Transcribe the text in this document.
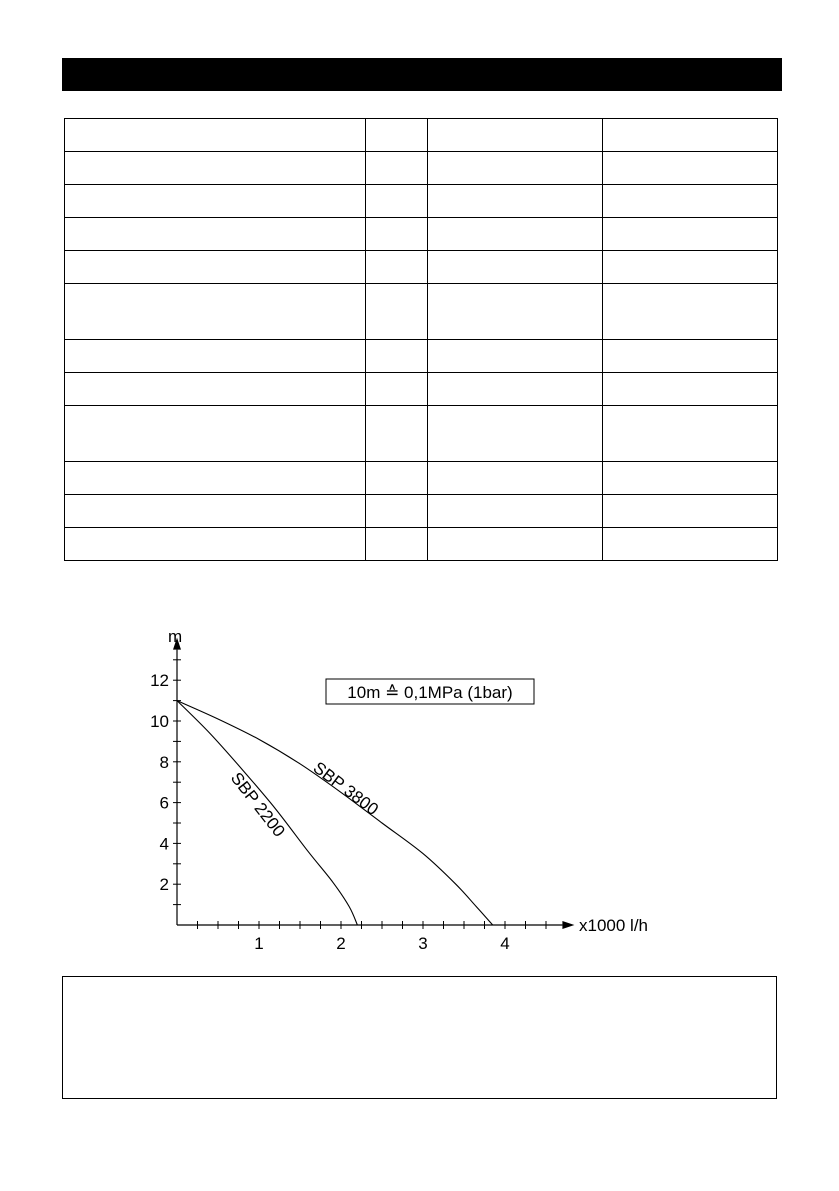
1	2	3	4
2
4
6
8
10
12
10m ≙ 0,1MPa (1bar)
x1000 l/h
m
SBP 2200 SBP 3800
